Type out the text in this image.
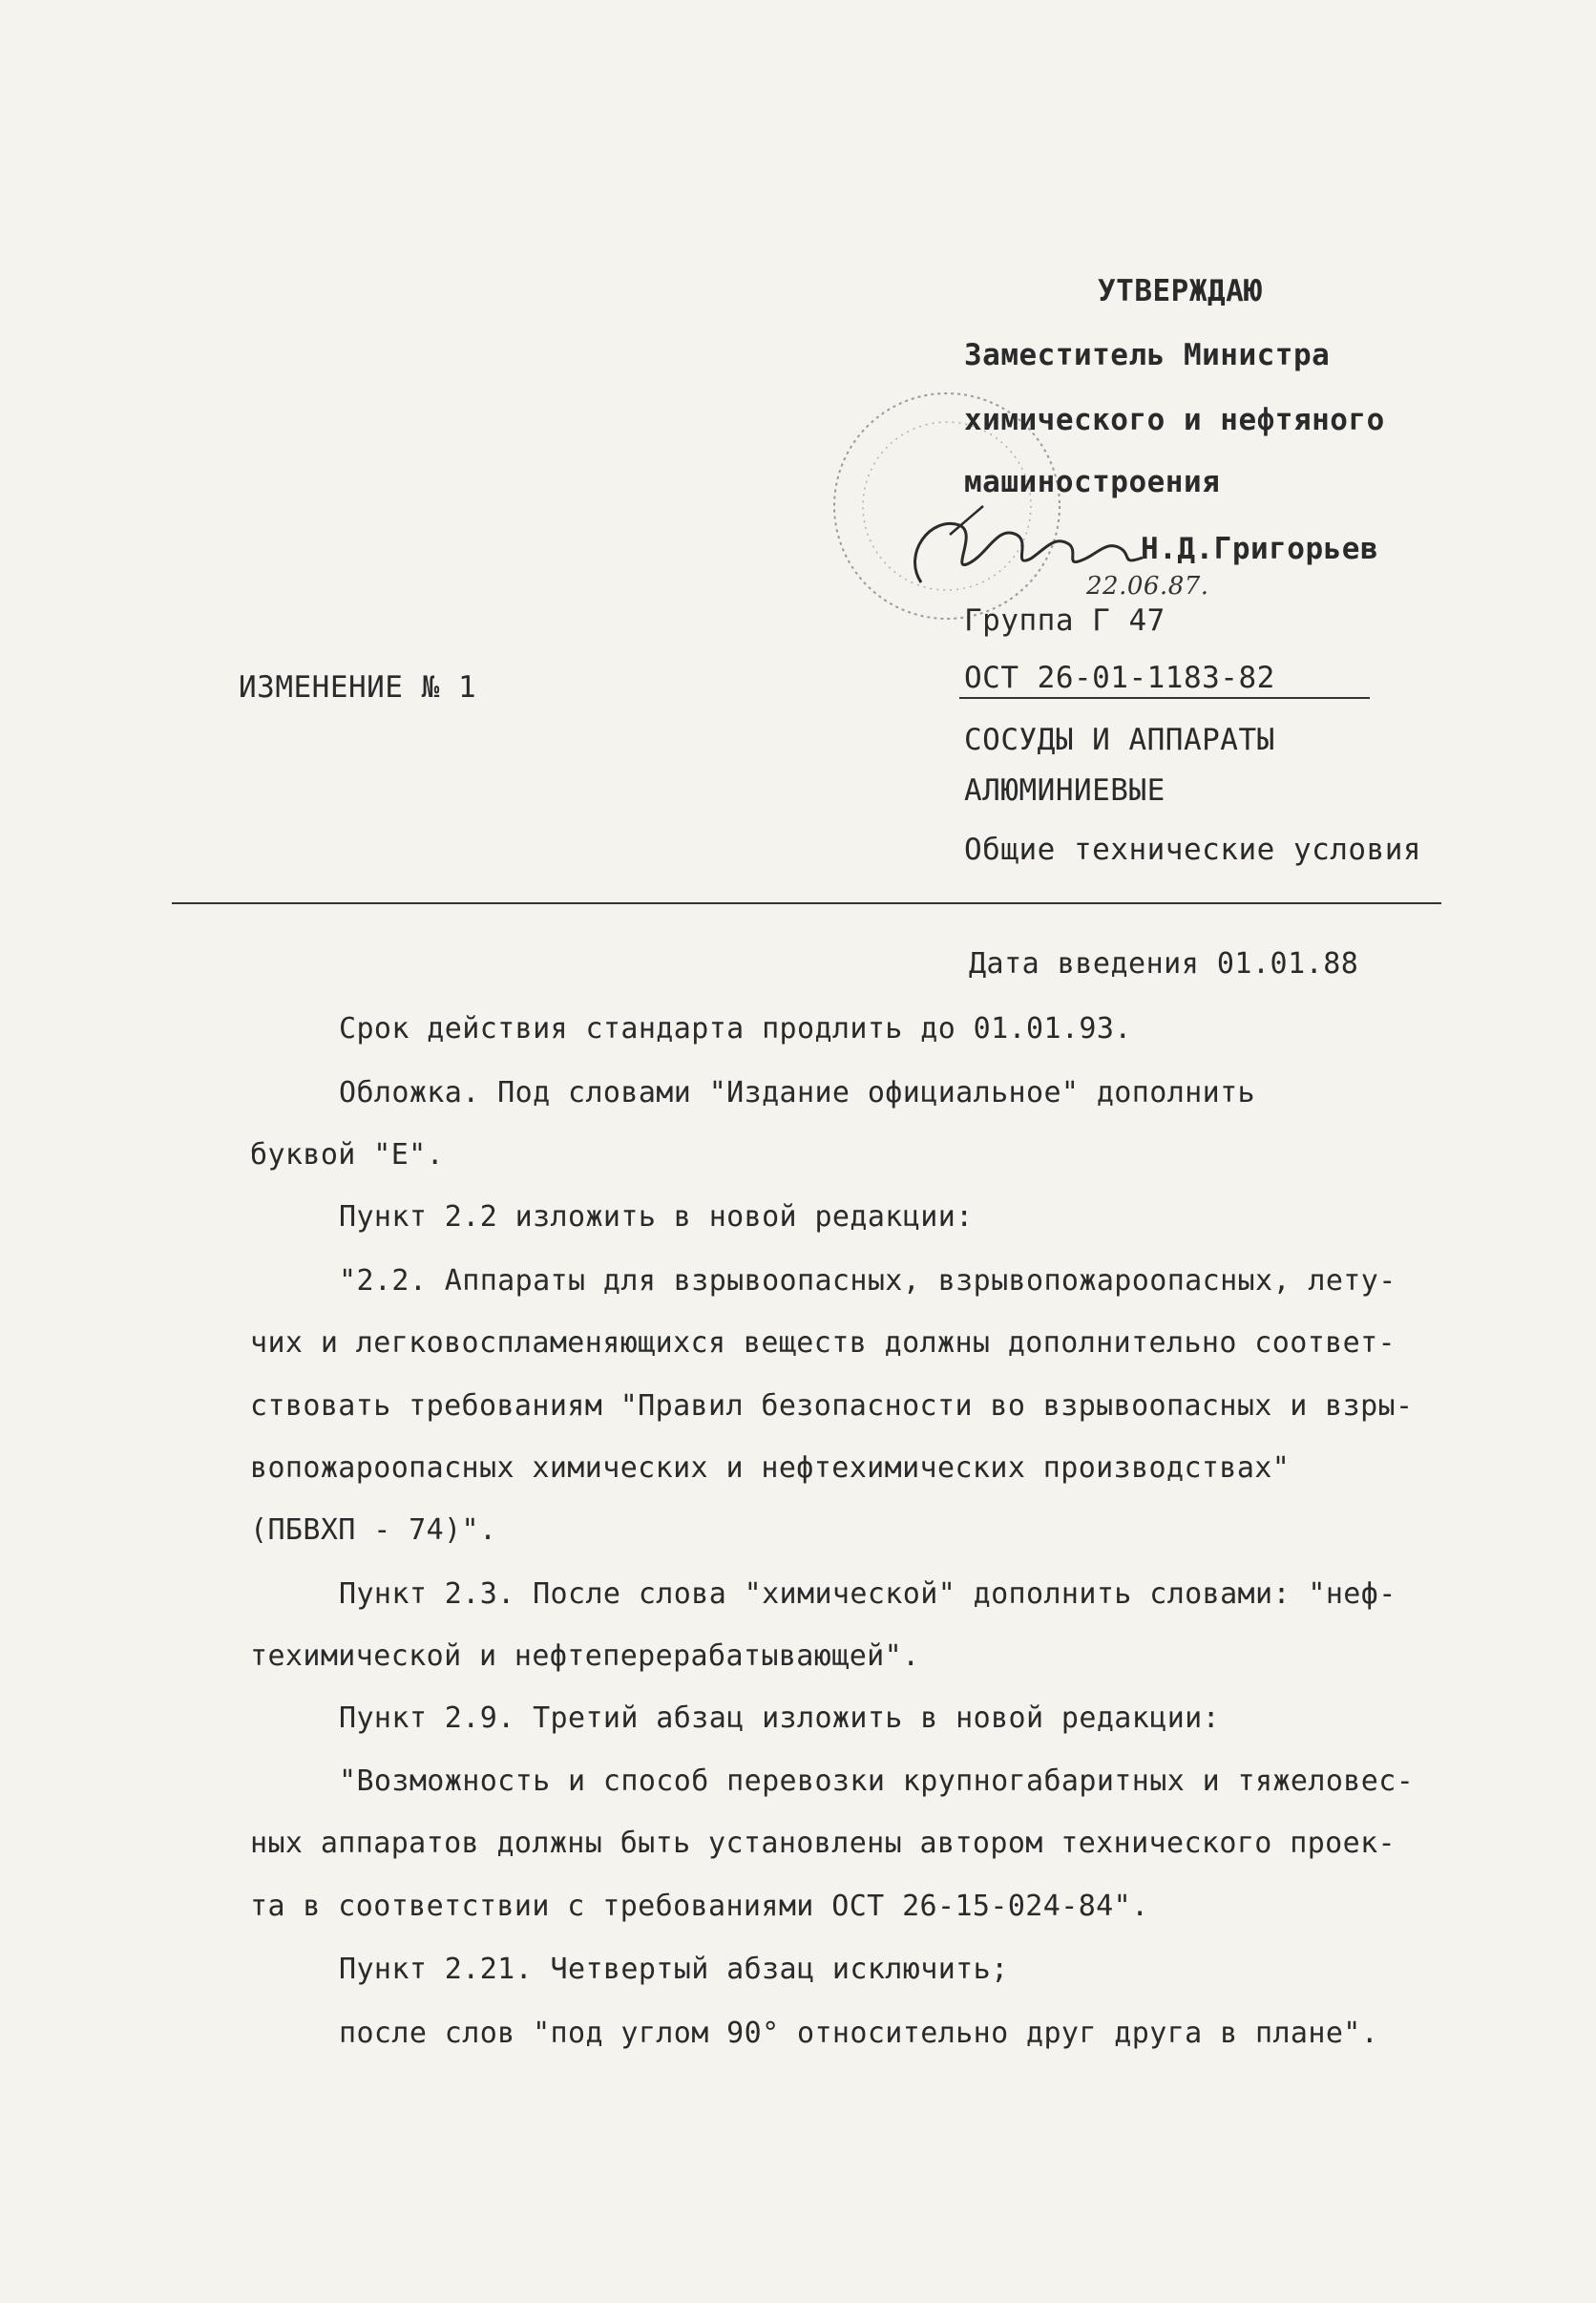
УТВЕРЖДАЮ
Заместитель Министра
химического и нефтяного
машиностроения
Н.Д.Григорьев
22.06.87.
Группа Г 47
ИЗМЕНЕНИЕ № 1	ОСТ 26-01-1183-82
СОСУДЫ И АППАРАТЫ
АЛЮМИНИЕВЫЕ
Общие технические условия
Дата введения 01.01.88
Срок действия стандарта продлить до 01.01.93.
Обложка. Под словами "Издание официальное" дополнить
буквой "Е".
Пункт 2.2 изложить в новой редакции:
"2.2. Аппараты для взрывоопасных, взрывопожароопасных, лету-
чих и легковоспламеняющихся веществ должны дополнительно соответ-
ствовать требованиям "Правил безопасности во взрывоопасных и взры-
вопожароопасных химических и нефтехимических производствах"
(ПБВХП - 74)".
Пункт 2.3. После слова "химической" дополнить словами: "неф-
техимической и нефтеперерабатывающей".
Пункт 2.9. Третий абзац изложить в новой редакции:
"Возможность и способ перевозки крупногабаритных и тяжеловес-
ных аппаратов должны быть установлены автором технического проек-
та в соответствии с требованиями ОСТ 26-15-024-84".
Пункт 2.21. Четвертый абзац исключить;
после слов "под углом 90° относительно друг друга в плане".
